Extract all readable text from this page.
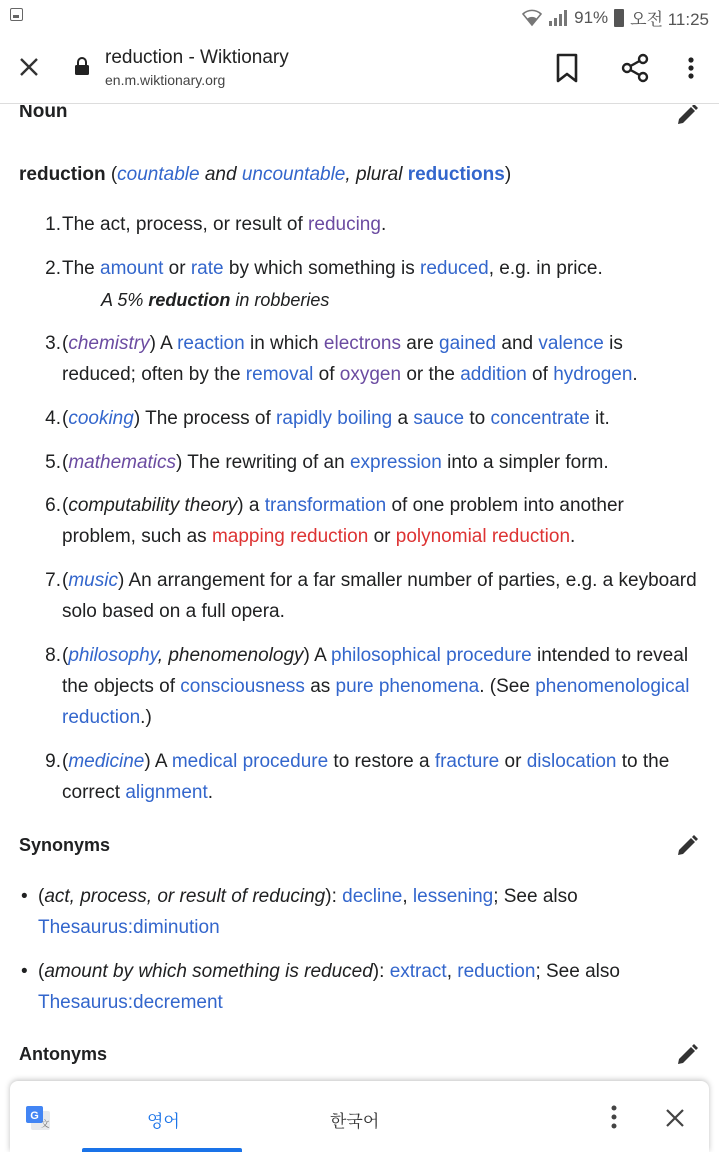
91% 오전 11:25
reduction - Wiktionary
en.m.wiktionary.org
Noun
reduction (countable and uncountable, plural reductions)
1. The act, process, or result of reducing.
2. The amount or rate by which something is reduced, e.g. in price.
A 5% reduction in robberies
3. (chemistry) A reaction in which electrons are gained and valence is reduced; often by the removal of oxygen or the addition of hydrogen.
4. (cooking) The process of rapidly boiling a sauce to concentrate it.
5. (mathematics) The rewriting of an expression into a simpler form.
6. (computability theory) a transformation of one problem into another problem, such as mapping reduction or polynomial reduction.
7. (music) An arrangement for a far smaller number of parties, e.g. a keyboard solo based on a full opera.
8. (philosophy, phenomenology) A philosophical procedure intended to reveal the objects of consciousness as pure phenomena. (See phenomenological reduction.)
9. (medicine) A medical procedure to restore a fracture or dislocation to the correct alignment.
Synonyms
• (act, process, or result of reducing): decline, lessening; See also Thesaurus:diminution
• (amount by which something is reduced): extract, reduction; See also Thesaurus:decrement
Antonyms
G
文	영어	한국어
